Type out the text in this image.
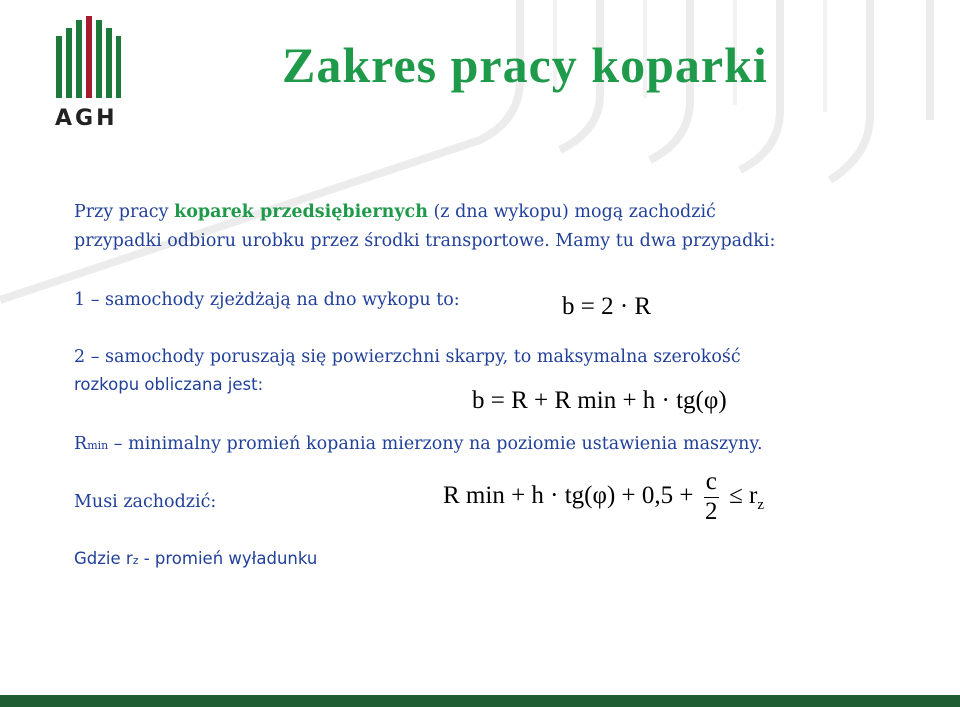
AGH
Zakres pracy koparki
Przy pracy koparek przedsiębiernych (z dna wykopu) mogą zachodzić
przypadki odbioru urobku przez środki transportowe. Mamy tu dwa przypadki:
1 – samochody zjeżdżają na dno wykopu to:	b = 2 · R
2 – samochody poruszają się powierzchni skarpy, to maksymalna szerokość
rozkopu obliczana jest:
b = R + R min + h · tg(φ)
Rmin – minimalny promień kopania mierzony na poziomie ustawienia maszyny.
Musi zachodzić:	R $\min + h \cdot tg(\varphi) + 0,5 + \frac{c}{2} \le r_z$
Gdzie rz - promień wyładunku
